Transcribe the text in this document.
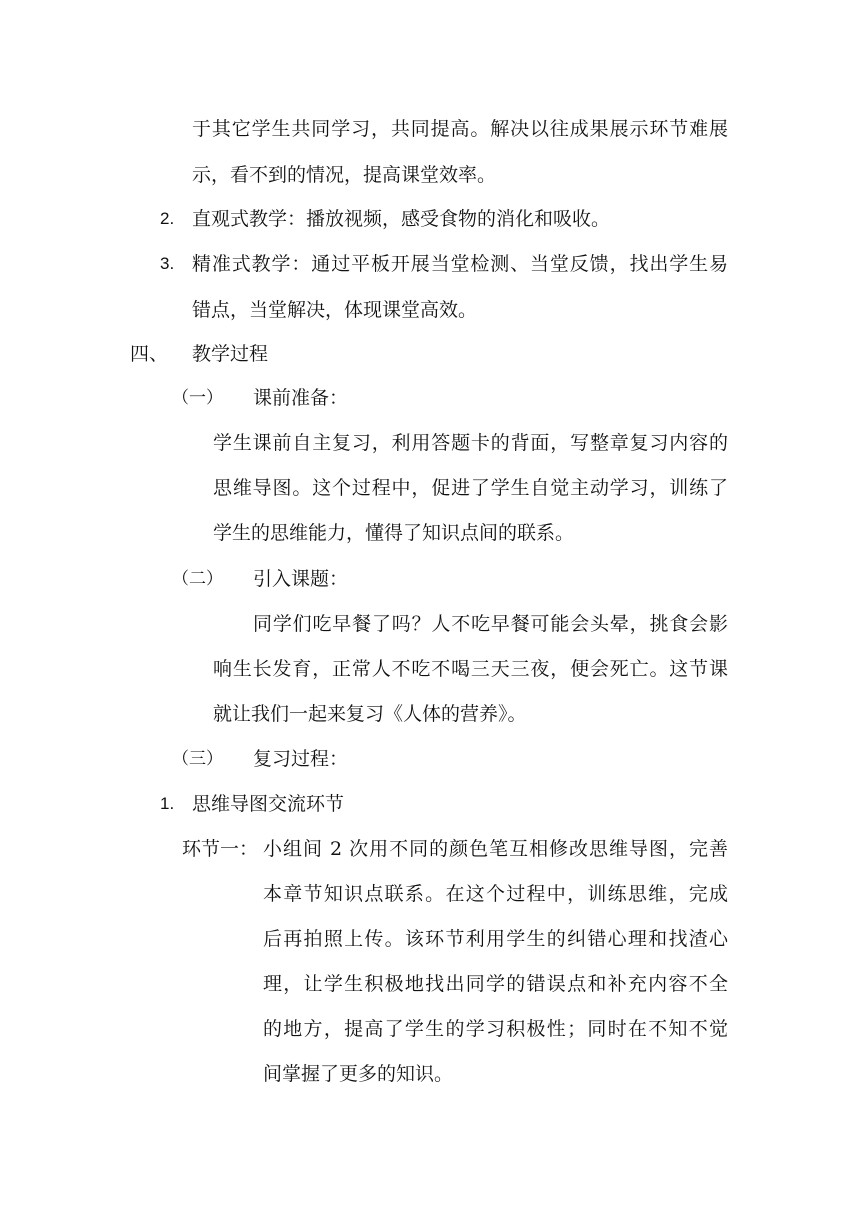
于其它学生共同学习，共同提高。解决以往成果展示环节难展
示，看不到的情况，提高课堂效率。
2. 直观式教学：播放视频，感受食物的消化和吸收。
3. 精准式教学：通过平板开展当堂检测、当堂反馈，找出学生易
错点，当堂解决，体现课堂高效。
四、 教学过程
（一） 课前准备：
学生课前自主复习，利用答题卡的背面，写整章复习内容的
思维导图。这个过程中，促进了学生自觉主动学习，训练了
学生的思维能力，懂得了知识点间的联系。
（二） 引入课题：
同学们吃早餐了吗？人不吃早餐可能会头晕，挑食会影
响生长发育，正常人不吃不喝三天三夜，便会死亡。这节课
就让我们一起来复习《人体的营养》。
（三） 复习过程：
1. 思维导图交流环节
环节一： 小组间 2 次用不同的颜色笔互相修改思维导图，完善
本章节知识点联系。在这个过程中，训练思维，完成
后再拍照上传。该环节利用学生的纠错心理和找渣心
理，让学生积极地找出同学的错误点和补充内容不全
的地方，提高了学生的学习积极性；同时在不知不觉
间掌握了更多的知识。
